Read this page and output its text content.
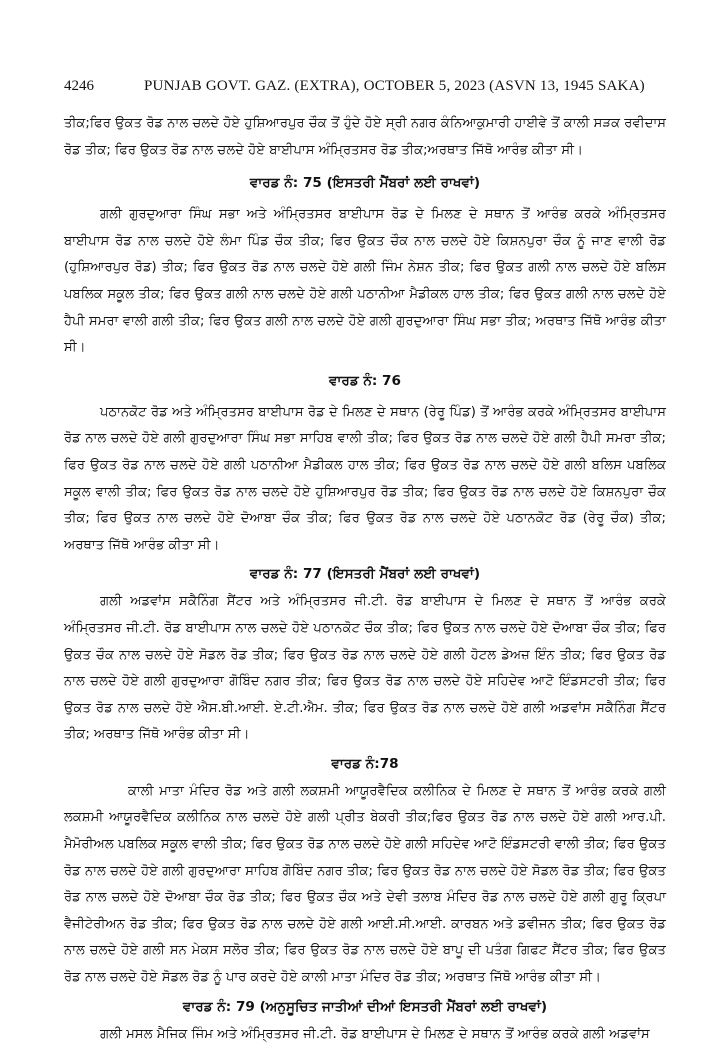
4246	PUNJAB GOVT. GAZ. (EXTRA), OCTOBER 5, 2023 (ASVN 13, 1945 SAKA)

ਤੀਕ;ਫਿਰ ਉਕਤ ਰੋਡ ਨਾਲ ਚਲਦੇ ਹੋਏ ਹੁਸ਼ਿਆਰਪੁਰ ਚੌਕ ਤੋਂ ਹੁੰਦੇ ਹੋਏ ਸ੍ਰੀ ਨਗਰ ਕੰਨਿਆਕੁਮਾਰੀ ਹਾਈਵੇ ਤੋਂ ਕਾਲੀ ਸੜਕ ਰਵੀਦਾਸ ਰੋਡ ਤੀਕ; ਫਿਰ ਉਕਤ ਰੋਡ ਨਾਲ ਚਲਦੇ ਹੋਏ ਬਾਈਪਾਸ ਅੰਮ੍ਰਿਤਸਰ ਰੋਡ ਤੀਕ;ਅਰਥਾਤ ਜਿੱਥੋ ਆਰੰਭ ਕੀਤਾ ਸੀ।

ਵਾਰਡ ਨੰ: 75 (ਇਸਤਰੀ ਮੈਂਬਰਾਂ ਲਈ ਰਾਖਵਾਂ)

ਗਲੀ ਗੁਰਦੁਆਰਾ ਸਿੰਘ ਸਭਾ ਅਤੇ ਅੰਮ੍ਰਿਤਸਰ ਬਾਈਪਾਸ ਰੋਡ ਦੇ ਮਿਲਣ ਦੇ ਸਥਾਨ ਤੋਂ ਆਰੰਭ ਕਰਕੇ ਅੰਮ੍ਰਿਤਸਰ ਬਾਈਪਾਸ ਰੋਡ ਨਾਲ ਚਲਦੇ ਹੋਏ ਲੰਮਾ ਪਿੰਡ ਚੌਕ ਤੀਕ; ਫਿਰ ਉਕਤ ਚੌਕ ਨਾਲ ਚਲਦੇ ਹੋਏ ਕਿਸ਼ਨਪੁਰਾ ਚੌਕ ਨੂੰ ਜਾਣ ਵਾਲੀ ਰੋਡ (ਹੁਸ਼ਿਆਰਪੁਰ ਰੋਡ) ਤੀਕ; ਫਿਰ ਉਕਤ ਰੋਡ ਨਾਲ ਚਲਦੇ ਹੋਏ ਗਲੀ ਜਿੰਮ ਨੇਸ਼ਨ ਤੀਕ; ਫਿਰ ਉਕਤ ਗਲੀ ਨਾਲ ਚਲਦੇ ਹੋਏ ਬਲਿਸ ਪਬਲਿਕ ਸਕੂਲ ਤੀਕ; ਫਿਰ ਉਕਤ ਗਲੀ ਨਾਲ ਚਲਦੇ ਹੋਏ ਗਲੀ ਪਠਾਨੀਆ ਮੈਡੀਕਲ ਹਾਲ ਤੀਕ; ਫਿਰ ਉਕਤ ਗਲੀ ਨਾਲ ਚਲਦੇ ਹੋਏ ਹੈਪੀ ਸਮਰਾ ਵਾਲੀ ਗਲੀ ਤੀਕ; ਫਿਰ ਉਕਤ ਗਲੀ ਨਾਲ ਚਲਦੇ ਹੋਏ ਗਲੀ ਗੁਰਦੁਆਰਾ ਸਿੰਘ ਸਭਾ ਤੀਕ; ਅਰਥਾਤ ਜਿੱਥੋ ਆਰੰਭ ਕੀਤਾ ਸੀ।

ਵਾਰਡ ਨੰ: 76

ਪਠਾਨਕੋਟ ਰੋਡ ਅਤੇ ਅੰਮ੍ਰਿਤਸਰ ਬਾਈਪਾਸ ਰੋਡ ਦੇ ਮਿਲਣ ਦੇ ਸਥਾਨ (ਰੇਰੂ ਪਿੰਡ) ਤੋਂ ਆਰੰਭ ਕਰਕੇ ਅੰਮ੍ਰਿਤਸਰ ਬਾਈਪਾਸ ਰੋਡ ਨਾਲ ਚਲਦੇ ਹੋਏ ਗਲੀ ਗੁਰਦੁਆਰਾ ਸਿੰਘ ਸਭਾ ਸਾਹਿਬ ਵਾਲੀ ਤੀਕ; ਫਿਰ ਉਕਤ ਰੋਡ ਨਾਲ ਚਲਦੇ ਹੋਏ ਗਲੀ ਹੈਪੀ ਸਮਰਾ ਤੀਕ; ਫਿਰ ਉਕਤ ਰੋਡ ਨਾਲ ਚਲਦੇ ਹੋਏ ਗਲੀ ਪਠਾਨੀਆ ਮੈਡੀਕਲ ਹਾਲ ਤੀਕ; ਫਿਰ ਉਕਤ ਰੋਡ ਨਾਲ ਚਲਦੇ ਹੋਏ ਗਲੀ ਬਲਿਸ ਪਬਲਿਕ ਸਕੂਲ ਵਾਲੀ ਤੀਕ; ਫਿਰ ਉਕਤ ਰੋਡ ਨਾਲ ਚਲਦੇ ਹੋਏ ਹੁਸ਼ਿਆਰਪੁਰ ਰੋਡ ਤੀਕ; ਫਿਰ ਉਕਤ ਰੋਡ ਨਾਲ ਚਲਦੇ ਹੋਏ ਕਿਸ਼ਨਪੁਰਾ ਚੌਕ ਤੀਕ; ਫਿਰ ਉਕਤ ਨਾਲ ਚਲਦੇ ਹੋਏ ਦੋਆਬਾ ਚੌਕ ਤੀਕ; ਫਿਰ ਉਕਤ ਰੋਡ ਨਾਲ ਚਲਦੇ ਹੋਏ ਪਠਾਨਕੋਟ ਰੋਡ (ਰੇਰੂ ਚੌਕ) ਤੀਕ; ਅਰਥਾਤ ਜਿੱਥੋ ਆਰੰਭ ਕੀਤਾ ਸੀ।

ਵਾਰਡ ਨੰ: 77 (ਇਸਤਰੀ ਮੈਂਬਰਾਂ ਲਈ ਰਾਖਵਾਂ)

ਗਲੀ ਅਡਵਾਂਸ ਸਕੈਨਿੰਗ ਸੈਂਟਰ ਅਤੇ ਅੰਮ੍ਰਿਤਸਰ ਜੀ.ਟੀ. ਰੋਡ ਬਾਈਪਾਸ ਦੇ ਮਿਲਣ ਦੇ ਸਥਾਨ ਤੋਂ ਆਰੰਭ ਕਰਕੇ ਅੰਮ੍ਰਿਤਸਰ ਜੀ.ਟੀ. ਰੋਡ ਬਾਈਪਾਸ ਨਾਲ ਚਲਦੇ ਹੋਏ ਪਠਾਨਕੋਟ ਚੌਕ ਤੀਕ; ਫਿਰ ਉਕਤ ਨਾਲ ਚਲਦੇ ਹੋਏ ਦੋਆਬਾ ਚੌਕ ਤੀਕ; ਫਿਰ ਉਕਤ ਚੌਕ ਨਾਲ ਚਲਦੇ ਹੋਏ ਸੋਡਲ ਰੋਡ ਤੀਕ; ਫਿਰ ਉਕਤ ਰੋਡ ਨਾਲ ਚਲਦੇ ਹੋਏ ਗਲੀ ਹੋਟਲ ਡੇਅਜ਼ ਇੰਨ ਤੀਕ; ਫਿਰ ਉਕਤ ਰੋਡ ਨਾਲ ਚਲਦੇ ਹੋਏ ਗਲੀ ਗੁਰਦੁਆਰਾ ਗੋਬਿੰਦ ਨਗਰ ਤੀਕ; ਫਿਰ ਉਕਤ ਰੋਡ ਨਾਲ ਚਲਦੇ ਹੋਏ ਸਹਿਦੇਵ ਆਟੋ ਇੰਡਸਟਰੀ ਤੀਕ; ਫਿਰ ਉਕਤ ਰੋਡ ਨਾਲ ਚਲਦੇ ਹੋਏ ਐਸ.ਬੀ.ਆਈ. ਏ.ਟੀ.ਐਮ. ਤੀਕ; ਫਿਰ ਉਕਤ ਰੋਡ ਨਾਲ ਚਲਦੇ ਹੋਏ ਗਲੀ ਅਡਵਾਂਸ ਸਕੈਨਿੰਗ ਸੈਂਟਰ ਤੀਕ; ਅਰਥਾਤ ਜਿੱਥੋ ਆਰੰਭ ਕੀਤਾ ਸੀ।

ਵਾਰਡ ਨੰ:78

ਕਾਲੀ ਮਾਤਾ ਮੰਦਿਰ ਰੋਡ ਅਤੇ ਗਲੀ ਲਕਸ਼ਮੀ ਆਯੂਰਵੈਦਿਕ ਕਲੀਨਿਕ ਦੇ ਮਿਲਣ ਦੇ ਸਥਾਨ ਤੋਂ ਆਰੰਭ ਕਰਕੇ ਗਲੀ ਲਕਸ਼ਮੀ ਆਯੂਰਵੈਦਿਕ ਕਲੀਨਿਕ ਨਾਲ ਚਲਦੇ ਹੋਏ ਗਲੀ ਪ੍ਰੀਤ ਬੇਕਰੀ ਤੀਕ;ਫਿਰ ਉਕਤ ਰੋਡ ਨਾਲ ਚਲਦੇ ਹੋਏ ਗਲੀ ਆਰ.ਪੀ. ਮੈਮੋਰੀਅਲ ਪਬਲਿਕ ਸਕੂਲ ਵਾਲੀ ਤੀਕ; ਫਿਰ ਉਕਤ ਰੋਡ ਨਾਲ ਚਲਦੇ ਹੋਏ ਗਲੀ ਸਹਿਦੇਵ ਆਟੋ ਇੰਡਸਟਰੀ ਵਾਲੀ ਤੀਕ; ਫਿਰ ਉਕਤ ਰੋਡ ਨਾਲ ਚਲਦੇ ਹੋਏ ਗਲੀ ਗੁਰਦੁਆਰਾ ਸਾਹਿਬ ਗੋਬਿੰਦ ਨਗਰ ਤੀਕ; ਫਿਰ ਉਕਤ ਰੋਡ ਨਾਲ ਚਲਦੇ ਹੋਏ ਸੋਡਲ ਰੋਡ ਤੀਕ; ਫਿਰ ਉਕਤ ਰੋਡ ਨਾਲ ਚਲਦੇ ਹੋਏ ਦੋਆਬਾ ਚੌਕ ਰੋਡ ਤੀਕ; ਫਿਰ ਉਕਤ ਚੌਕ ਅਤੇ ਦੇਵੀ ਤਲਾਬ ਮੰਦਿਰ ਰੋਡ ਨਾਲ ਚਲਦੇ ਹੋਏ ਗਲੀ ਗੁਰੂ ਕ੍ਰਿਪਾ ਵੈਜੀਟੇਰੀਅਨ ਰੋਡ ਤੀਕ; ਫਿਰ ਉਕਤ ਰੋਡ ਨਾਲ ਚਲਦੇ ਹੋਏ ਗਲੀ ਆਈ.ਸੀ.ਆਈ. ਕਾਰਬਨ ਅਤੇ ਡਵੀਜਨ ਤੀਕ; ਫਿਰ ਉਕਤ ਰੋਡ ਨਾਲ ਚਲਦੇ ਹੋਏ ਗਲੀ ਸਨ ਮੇਕਸ ਸਲੋਰ ਤੀਕ; ਫਿਰ ਉਕਤ ਰੋਡ ਨਾਲ ਚਲਦੇ ਹੋਏ ਬਾਪੂ ਦੀ ਪਤੰਗ ਗਿਫਟ ਸੈਂਟਰ ਤੀਕ; ਫਿਰ ਉਕਤ ਰੋਡ ਨਾਲ ਚਲਦੇ ਹੋਏ ਸੋਡਲ ਰੋਡ ਨੂੰ ਪਾਰ ਕਰਦੇ ਹੋਏ ਕਾਲੀ ਮਾਤਾ ਮੰਦਿਰ ਰੋਡ ਤੀਕ; ਅਰਥਾਤ ਜਿੱਥੋ ਆਰੰਭ ਕੀਤਾ ਸੀ।

ਵਾਰਡ ਨੰ: 79 (ਅਨੁਸੂਚਿਤ ਜਾਤੀਆਂ ਦੀਆਂ ਇਸਤਰੀ ਮੈਂਬਰਾਂ ਲਈ ਰਾਖਵਾਂ)

ਗਲੀ ਮਸਲ ਮੈਜਿਕ ਜਿੰਮ ਅਤੇ ਅੰਮ੍ਰਿਤਸਰ ਜੀ.ਟੀ. ਰੋਡ ਬਾਈਪਾਸ ਦੇ ਮਿਲਣ ਦੇ ਸਥਾਨ ਤੋਂ ਆਰੰਭ ਕਰਕੇ ਗਲੀ ਅਡਵਾਂਸ
